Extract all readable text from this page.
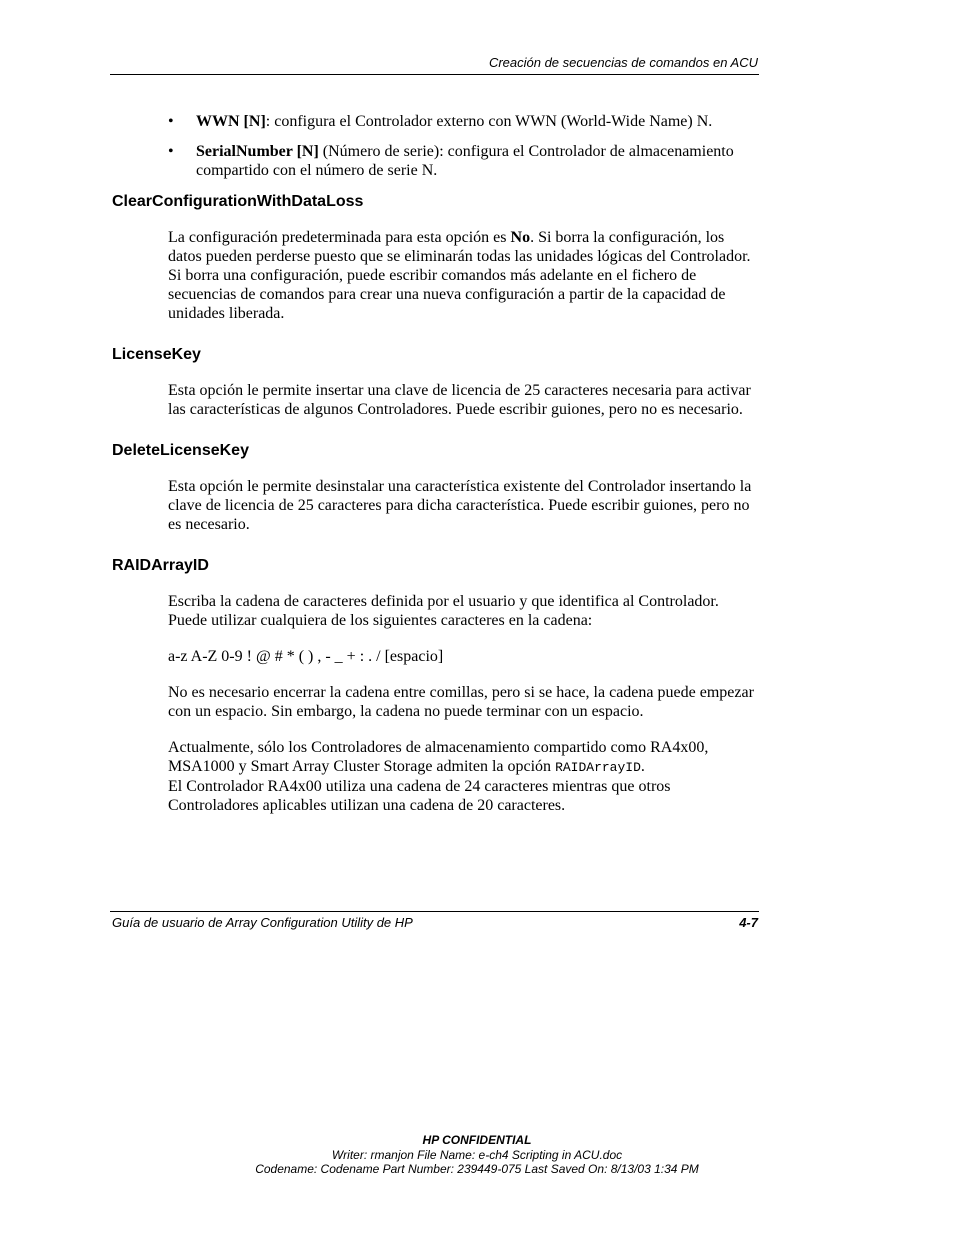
Creación de secuencias de comandos en ACU
• WWN [N]: configura el Controlador externo con WWN (World-Wide Name) N.
• SerialNumber [N] (Número de serie): configura el Controlador de almacenamiento compartido con el número de serie N.
ClearConfigurationWithDataLoss

La configuración predeterminada para esta opción es No. Si borra la configuración, los datos pueden perderse puesto que se eliminarán todas las unidades lógicas del Controlador. Si borra una configuración, puede escribir comandos más adelante en el fichero de secuencias de comandos para crear una nueva configuración a partir de la capacidad de unidades liberada.

LicenseKey

Esta opción le permite insertar una clave de licencia de 25 caracteres necesaria para activar las características de algunos Controladores. Puede escribir guiones, pero no es necesario.

DeleteLicenseKey

Esta opción le permite desinstalar una característica existente del Controlador insertando la clave de licencia de 25 caracteres para dicha característica. Puede escribir guiones, pero no es necesario.

RAIDArrayID

Escriba la cadena de caracteres definida por el usuario y que identifica al Controlador. Puede utilizar cualquiera de los siguientes caracteres en la cadena:

a-z A-Z 0-9 ! @ # * ( ) , - _ + : . / [espacio]

No es necesario encerrar la cadena entre comillas, pero si se hace, la cadena puede empezar con un espacio. Sin embargo, la cadena no puede terminar con un espacio.

Actualmente, sólo los Controladores de almacenamiento compartido como RA4x00, MSA1000 y Smart Array Cluster Storage admiten la opción RAIDArrayID.
El Controlador RA4x00 utiliza una cadena de 24 caracteres mientras que otros Controladores aplicables utilizan una cadena de 20 caracteres.

Guía de usuario de Array Configuration Utility de HP	4-7
HP CONFIDENTIAL
Writer: rmanjon File Name: e-ch4 Scripting in ACU.doc
Codename: Codename Part Number: 239449-075 Last Saved On: 8/13/03 1:34 PM
